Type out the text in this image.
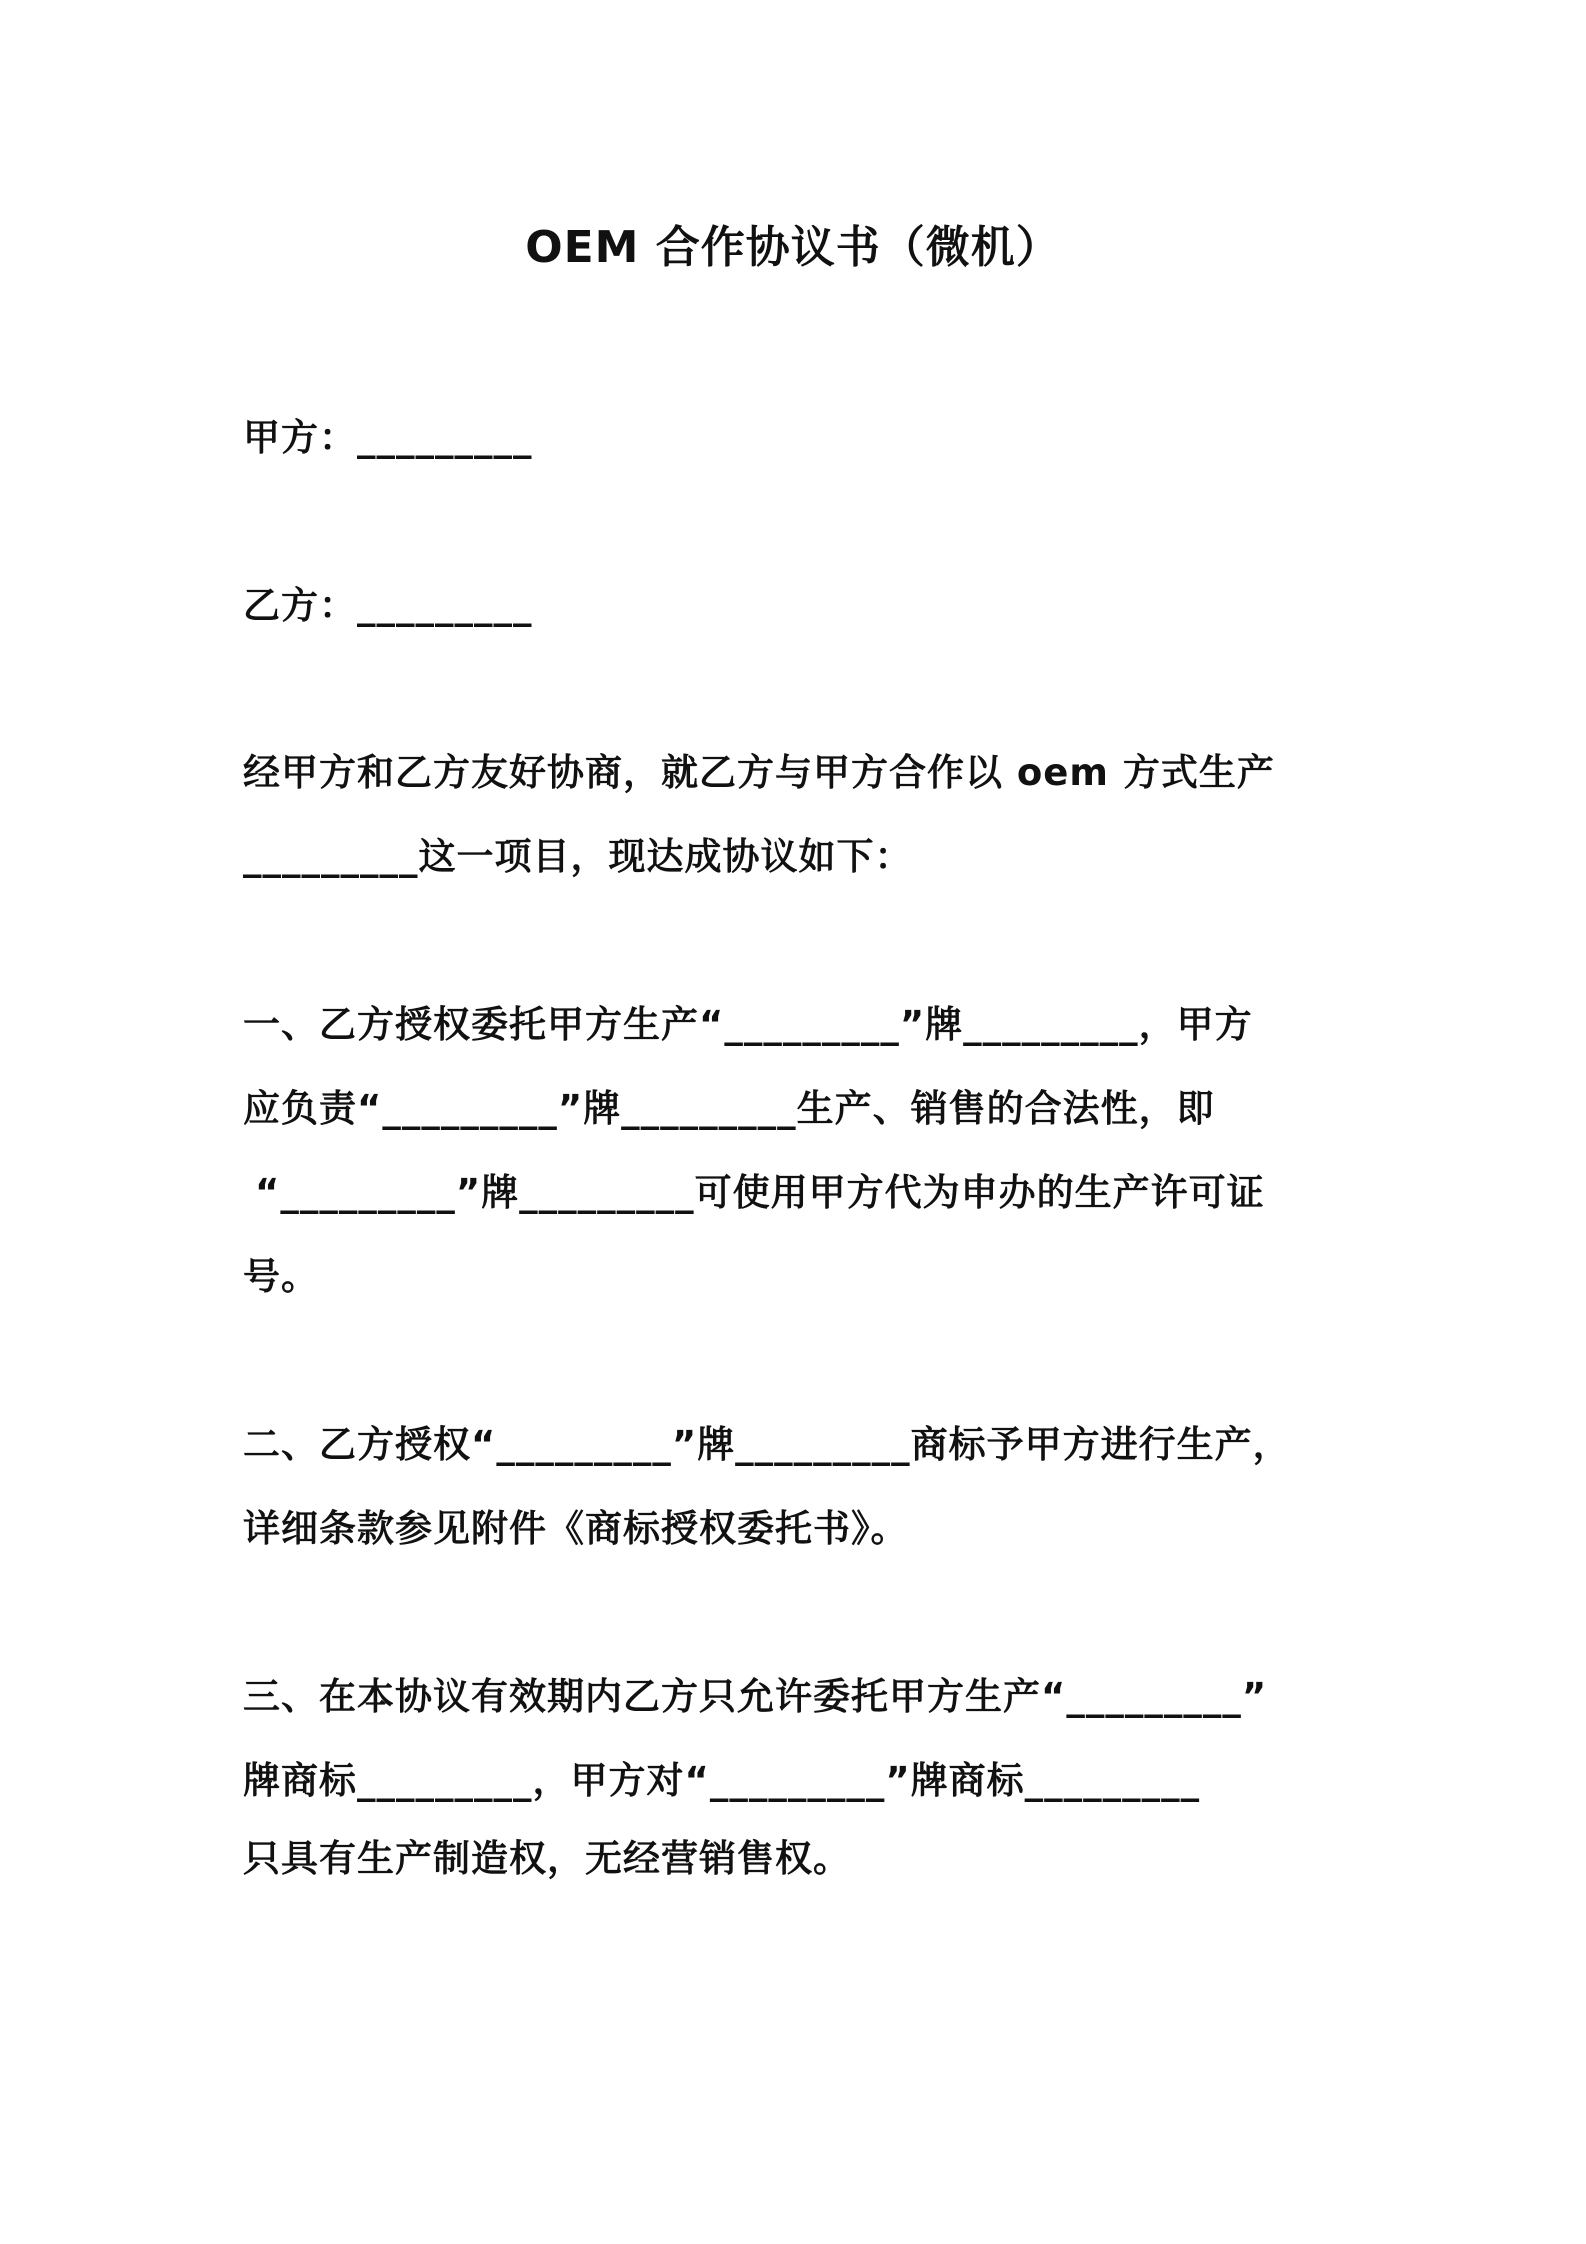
OEM 合作协议书（微机）
甲方：_________
乙方：_________
经甲方和乙方友好协商，就乙方与甲方合作以 oem 方式生产
_________这一项目，现达成协议如下：
一、乙方授权委托甲方生产“_________”牌_________，甲方
应负责“_________”牌_________生产、销售的合法性，即
“_________”牌_________可使用甲方代为申办的生产许可证
号。
二、乙方授权“_________”牌_________商标予甲方进行生产，
详细条款参见附件《商标授权委托书》。
三、在本协议有效期内乙方只允许委托甲方生产“_________”
牌商标_________，甲方对“_________”牌商标_________
只具有生产制造权，无经营销售权。
